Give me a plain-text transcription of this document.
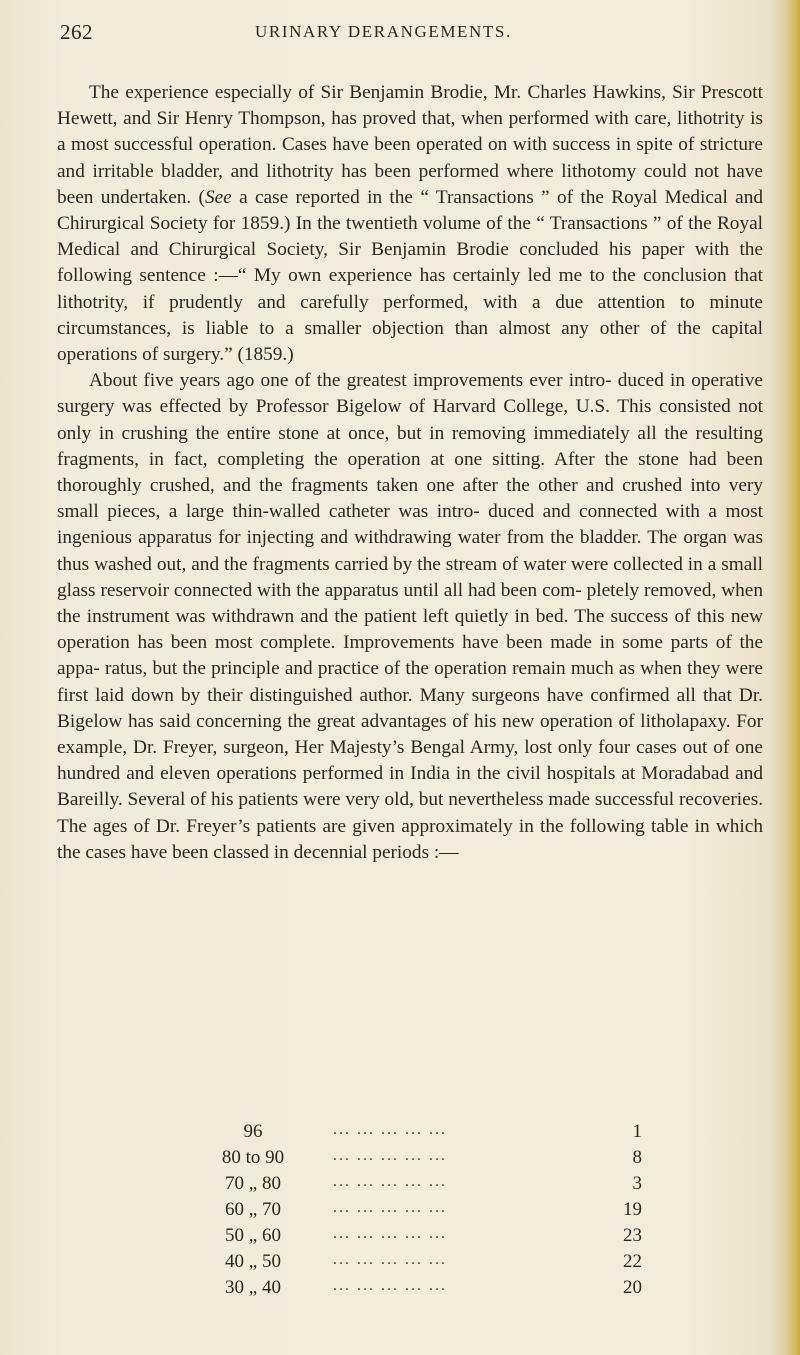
262	URINARY DERANGEMENTS.

The experience especially of Sir Benjamin Brodie, Mr. Charles Hawkins, Sir Prescott Hewett, and Sir Henry Thompson, has proved that, when performed with care, lithotrity is a most successful operation. Cases have been operated on with success in spite of stricture and irritable bladder, and lithotrity has been performed where lithotomy could not have been undertaken. (See a case reported in the “ Transactions ” of the Royal Medical and Chirurgical Society for 1859.) In the twentieth volume of the “ Transactions ” of the Royal Medical and Chirurgical Society, Sir Benjamin Brodie concluded his paper with the following sentence :—“ My own experience has certainly led me to the conclusion that lithotrity, if prudently and carefully performed, with a due attention to minute circumstances, is liable to a smaller objection than almost any other of the capital operations of surgery.” (1859.)

About five years ago one of the greatest improvements ever intro- duced in operative surgery was effected by Professor Bigelow of Harvard College, U.S. This consisted not only in crushing the entire stone at once, but in removing immediately all the resulting fragments, in fact, completing the operation at one sitting. After the stone had been thoroughly crushed, and the fragments taken one after the other and crushed into very small pieces, a large thin-walled catheter was intro- duced and connected with a most ingenious apparatus for injecting and withdrawing water from the bladder. The organ was thus washed out, and the fragments carried by the stream of water were collected in a small glass reservoir connected with the apparatus until all had been com- pletely removed, when the instrument was withdrawn and the patient left quietly in bed. The success of this new operation has been most complete. Improvements have been made in some parts of the appa- ratus, but the principle and practice of the operation remain much as when they were first laid down by their distinguished author. Many surgeons have confirmed all that Dr. Bigelow has said concerning the great advantages of his new operation of litholapaxy. For example, Dr. Freyer, surgeon, Her Majesty’s Bengal Army, lost only four cases out of one hundred and eleven operations performed in India in the civil hospitals at Moradabad and Bareilly. Several of his patients were very old, but nevertheless made successful recoveries. The ages of Dr. Freyer’s patients are given approximately in the following table in which the cases have been classed in decennial periods :—

96	... ... ... ... ...	1
80 to 90	... ... ... ... ...	8
70 „ 80	... ... ... ... ...	3
60 „ 70	... ... ... ... ...	19
50 „ 60	... ... ... ... ...	23
40 „ 50	... ... ... ... ...	22
30 „ 40	... ... ... ... ...	20
